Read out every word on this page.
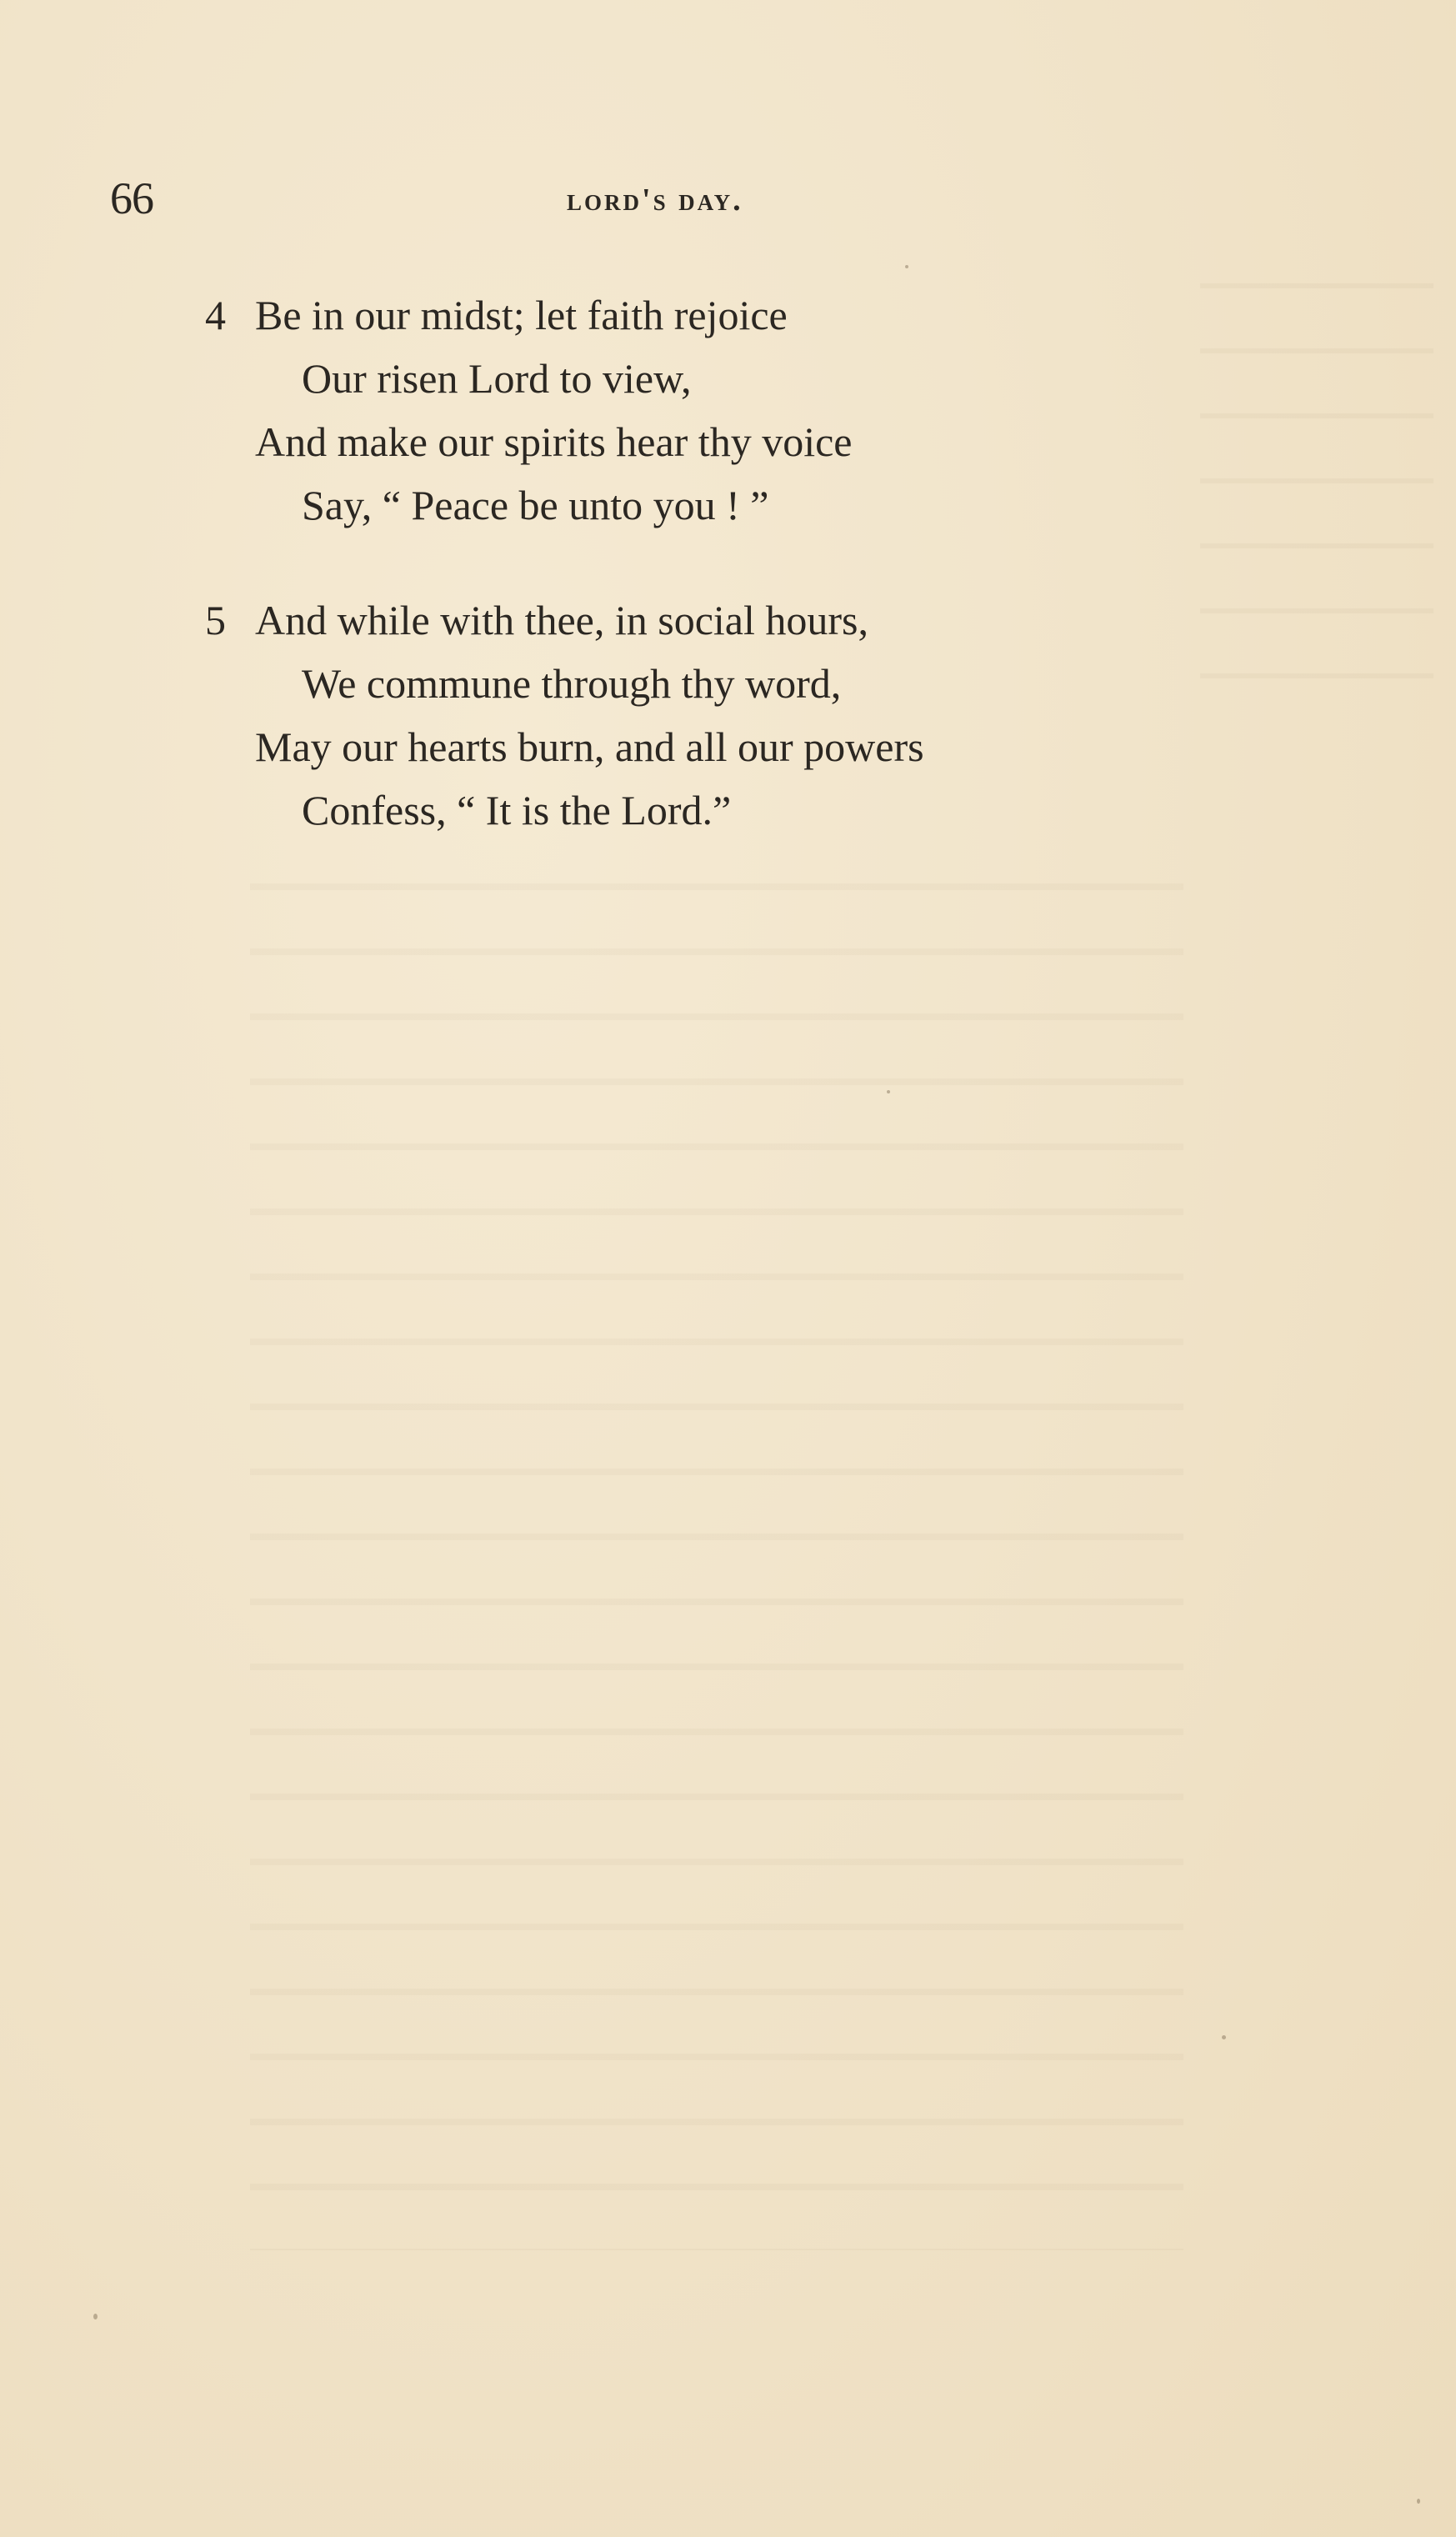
66	lord's day.
4 Be in our midst; let faith rejoice
Our risen Lord to view,
And make our spirits hear thy voice
Say, “ Peace be unto you ! ”
5 And while with thee, in social hours,
We commune through thy word,
May our hearts burn, and all our powers
Confess, “ It is the Lord.”
